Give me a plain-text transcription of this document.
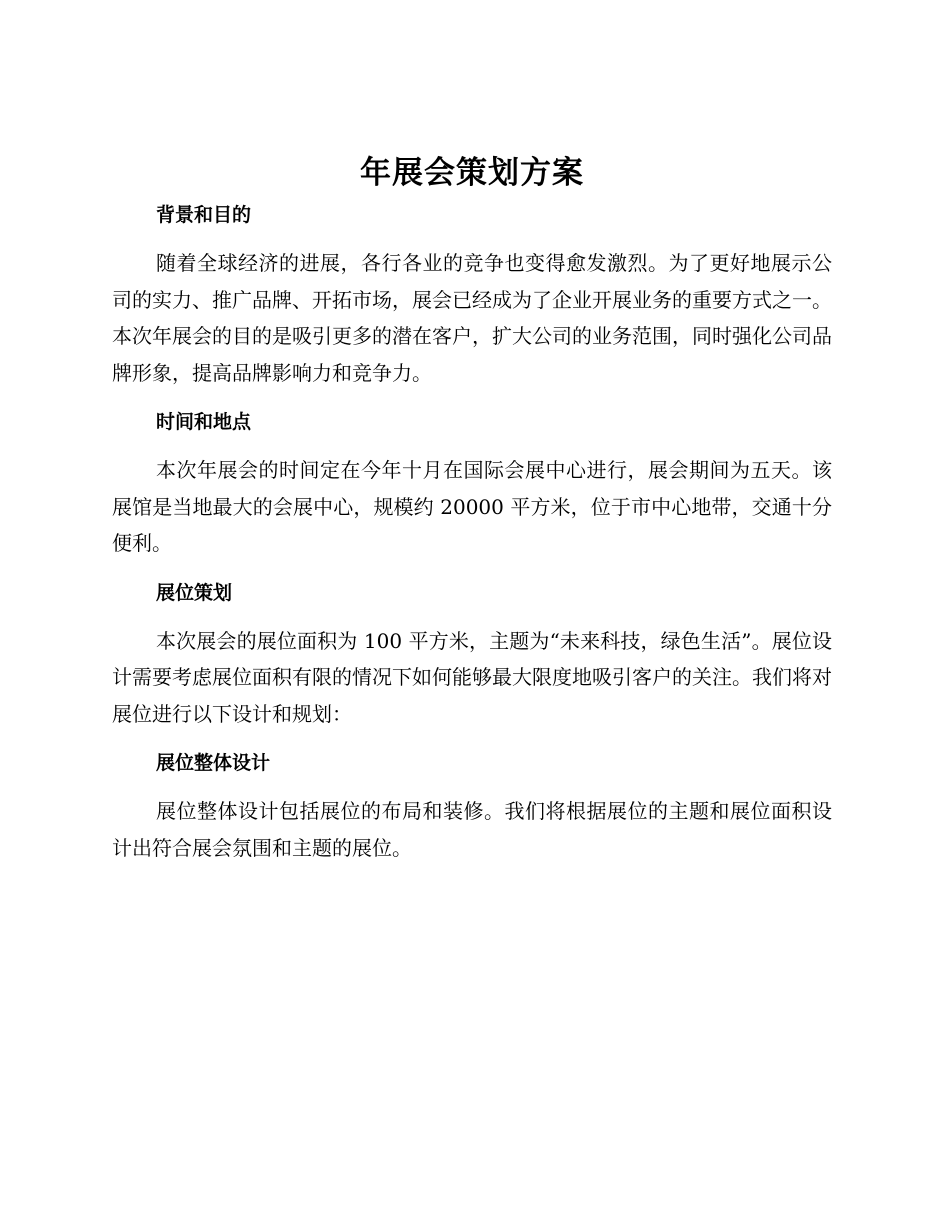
年展会策划方案
背景和目的

随着全球经济的进展，各行各业的竞争也变得愈发激烈。为了更好地展示公司的实力、推广品牌、开拓市场，展会已经成为了企业开展业务的重要方式之一。本次年展会的目的是吸引更多的潜在客户，扩大公司的业务范围，同时强化公司品牌形象，提高品牌影响力和竞争力。

时间和地点

本次年展会的时间定在今年十月在国际会展中心进行，展会期间为五天。该展馆是当地最大的会展中心，规模约 20000 平方米，位于市中心地带，交通十分便利。

展位策划

本次展会的展位面积为 100 平方米，主题为“未来科技，绿色生活”。展位设计需要考虑展位面积有限的情况下如何能够最大限度地吸引客户的关注。我们将对展位进行以下设计和规划：

展位整体设计

展位整体设计包括展位的布局和装修。我们将根据展位的主题和展位面积设计出符合展会氛围和主题的展位。
